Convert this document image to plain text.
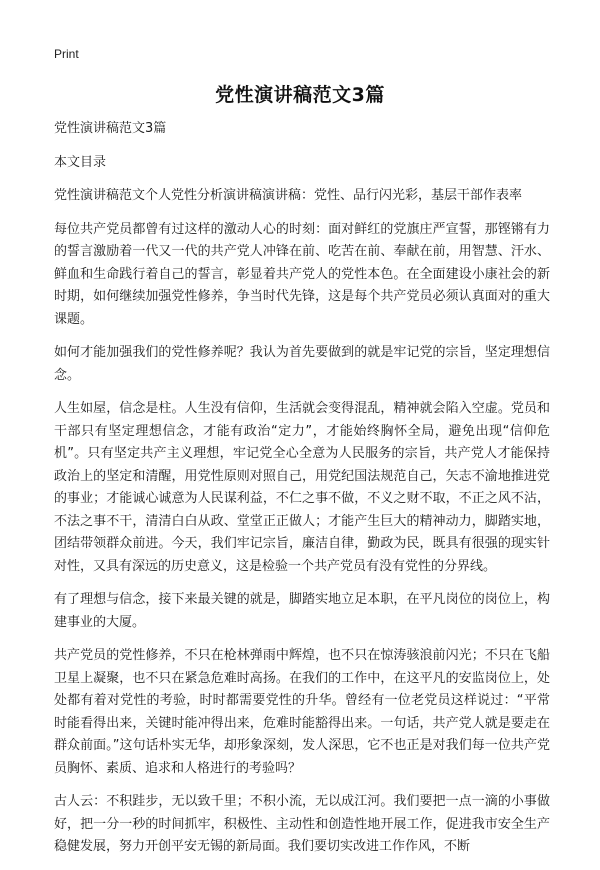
Print
党性演讲稿范文3篇

党性演讲稿范文3篇

本文目录

党性演讲稿范文个人党性分析演讲稿演讲稿：党性、品行闪光彩，基层干部作表率

每位共产党员都曾有过这样的激动人心的时刻：面对鲜红的党旗庄严宣誓，那铿锵有力的誓言激励着一代又一代的共产党人冲锋在前、吃苦在前、奉献在前，用智慧、汗水、鲜血和生命践行着自己的誓言，彰显着共产党人的党性本色。在全面建设小康社会的新时期，如何继续加强党性修养，争当时代先锋，这是每个共产党员必须认真面对的重大课题。

如何才能加强我们的党性修养呢？我认为首先要做到的就是牢记党的宗旨，坚定理想信念。

人生如屋，信念是柱。人生没有信仰，生活就会变得混乱，精神就会陷入空虚。党员和干部只有坚定理想信念，才能有政治“定力”，才能始终胸怀全局，避免出现“信仰危机”。只有坚定共产主义理想，牢记党全心全意为人民服务的宗旨，共产党人才能保持政治上的坚定和清醒，用党性原则对照自己，用党纪国法规范自己，矢志不渝地推进党的事业；才能诚心诚意为人民谋利益，不仁之事不做，不义之财不取，不正之风不沾，不法之事不干，清清白白从政、堂堂正正做人；才能产生巨大的精神动力，脚踏实地，团结带领群众前进。今天，我们牢记宗旨，廉洁自律，勤政为民，既具有很强的现实针对性，又具有深远的历史意义，这是检验一个共产党员有没有党性的分界线。

有了理想与信念，接下来最关键的就是，脚踏实地立足本职，在平凡岗位的岗位上，构建事业的大厦。

共产党员的党性修养，不只在枪林弹雨中辉煌，也不只在惊涛骇浪前闪光；不只在飞船卫星上凝聚，也不只在紧急危难时高扬。在我们的工作中，在这平凡的安监岗位上，处处都有着对党性的考验，时时都需要党性的升华。曾经有一位老党员这样说过：“平常时能看得出来，关键时能冲得出来，危难时能豁得出来。一句话，共产党人就是要走在群众前面。”这句话朴实无华，却形象深刻，发人深思，它不也正是对我们每一位共产党员胸怀、素质、追求和人格进行的考验吗？

古人云：不积跬步，无以致千里；不积小流，无以成江河。我们要把一点一滴的小事做好，把一分一秒的时间抓牢，积极性、主动性和创造性地开展工作，促进我市安全生产稳健发展，努力开创平安无锡的新局面。我们要切实改进工作作风，不断
